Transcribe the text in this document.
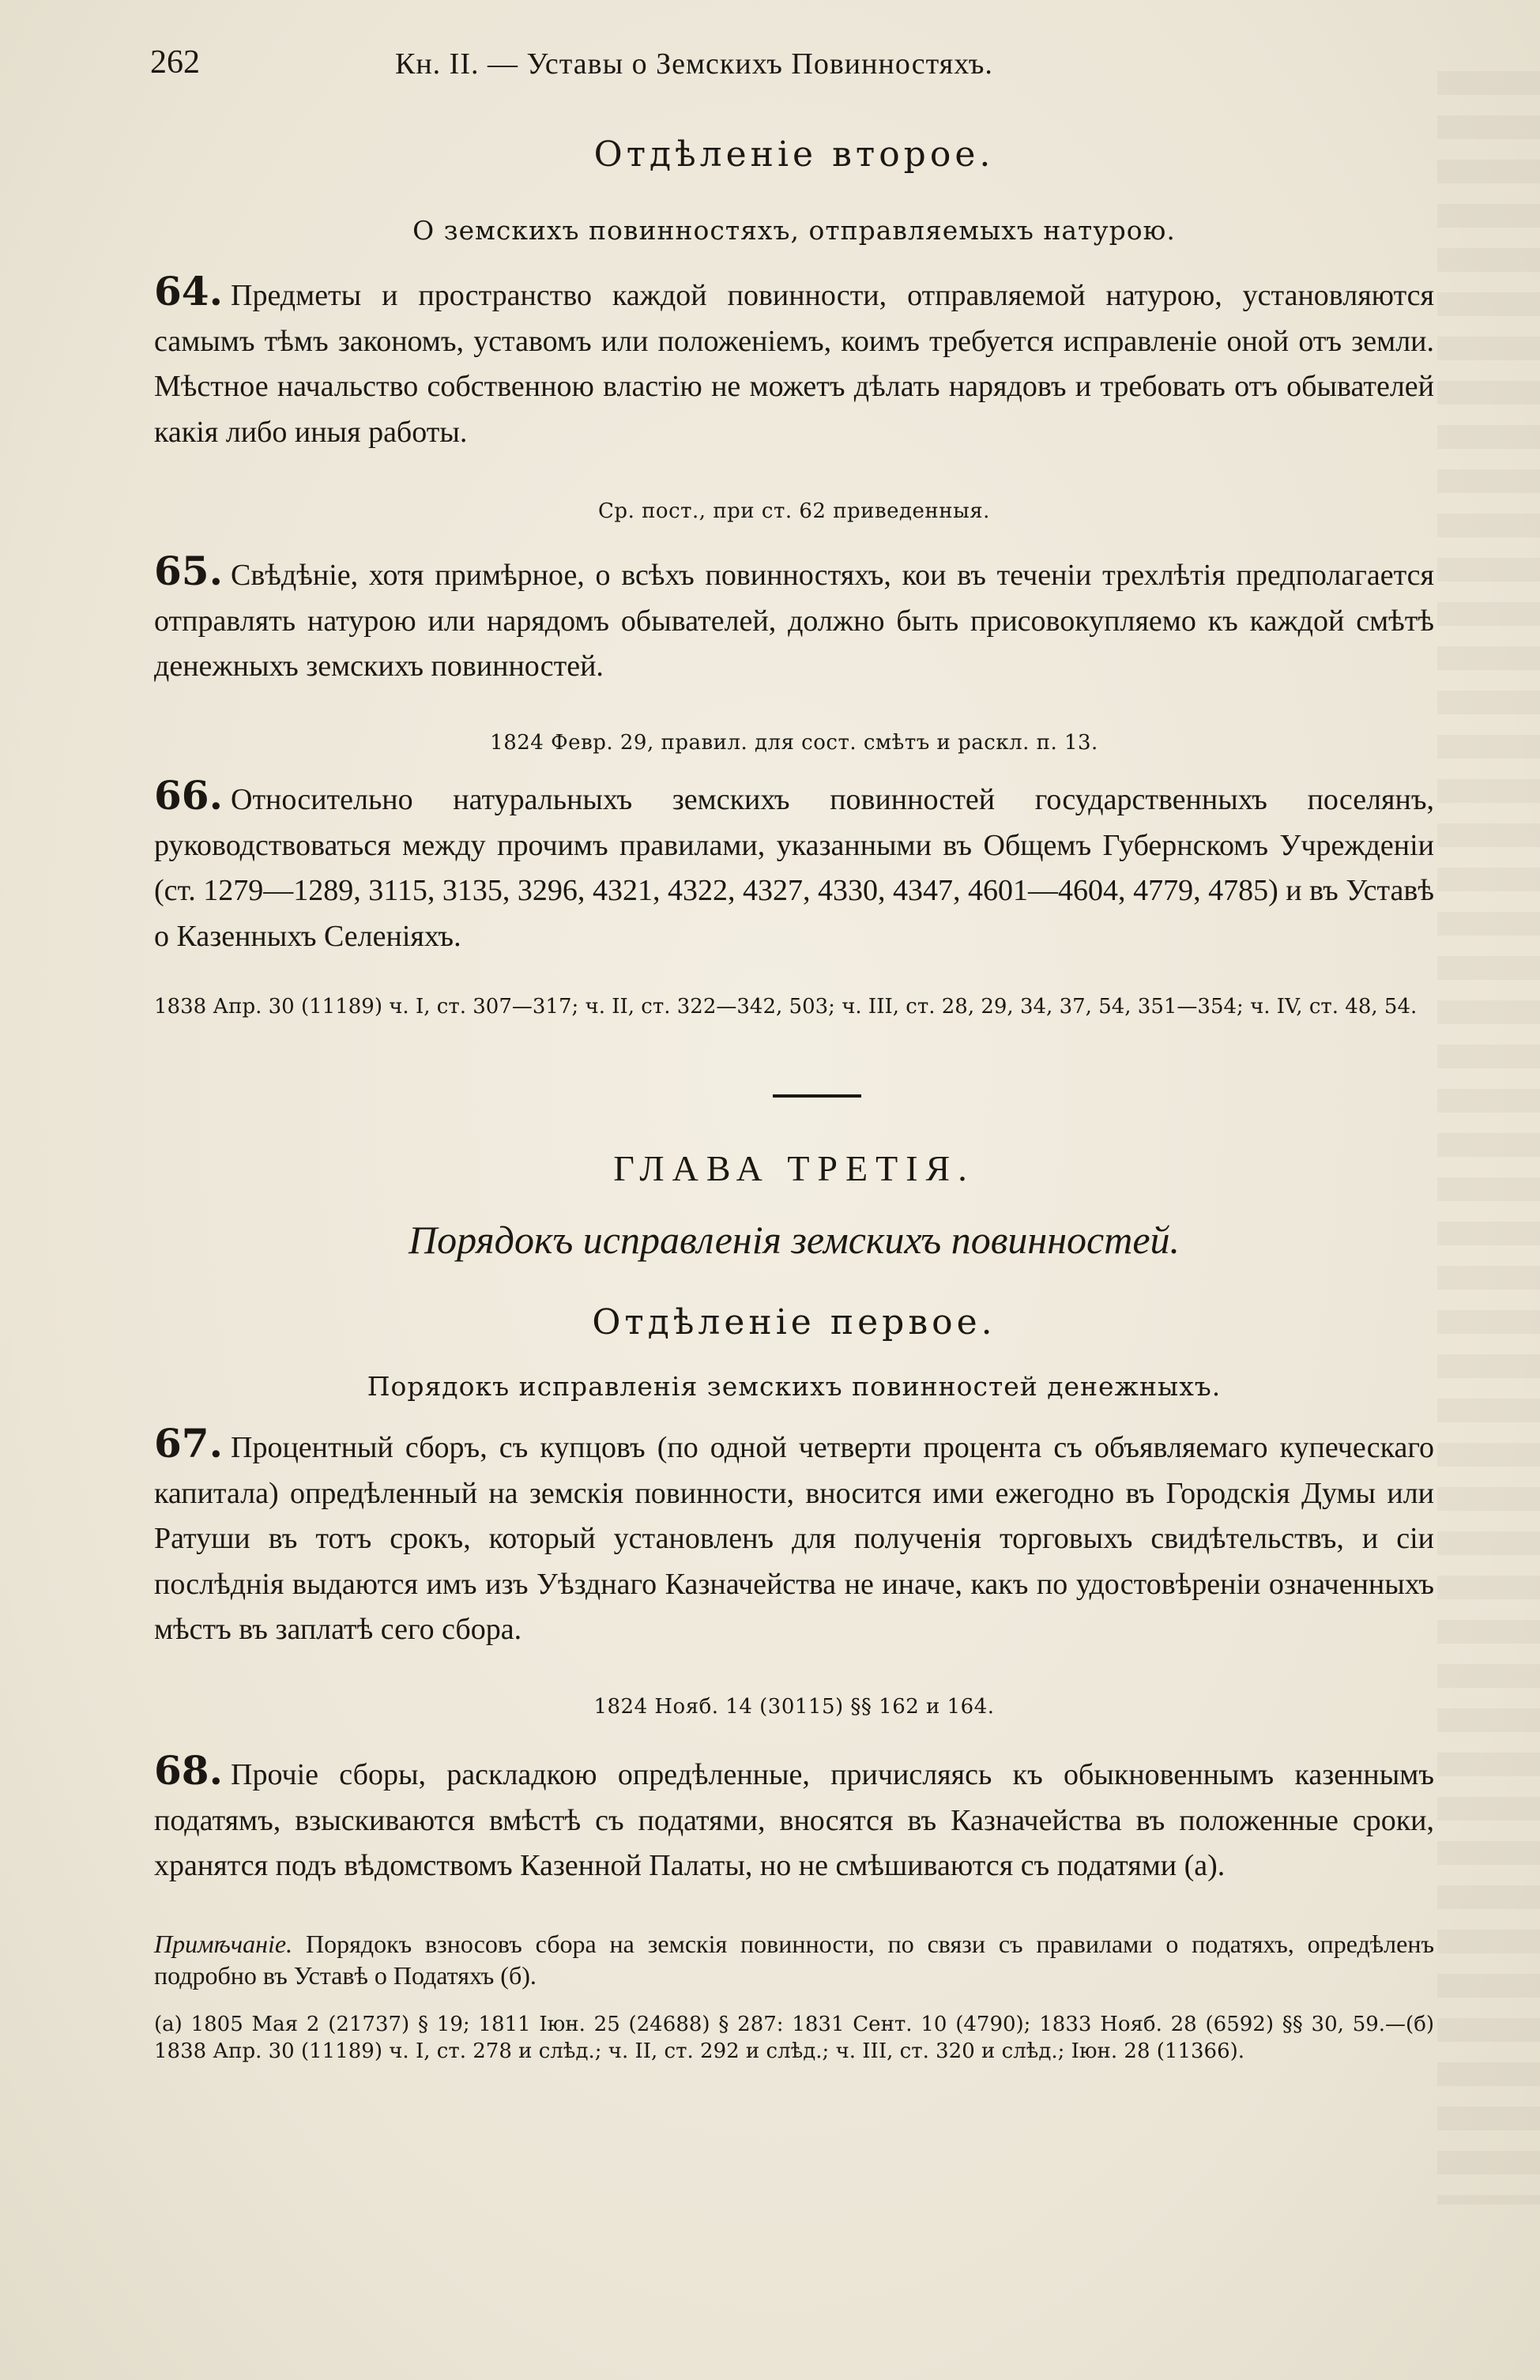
262	Кн. II. — Уставы о Земскихъ Повинностяхъ.
Отдѣленіе второе.
О земскихъ повинностяхъ, отправляемыхъ натурою.
64. Предметы и пространство каждой повинности, отправляемой натурою, установляются самымъ тѣмъ закономъ, уставомъ или положеніемъ, коимъ требуется исправленіе оной отъ земли. Мѣстное начальство собственною властію не можетъ дѣлать нарядовъ и требовать отъ обывателей какія либо иныя работы.
Ср. пост., при ст. 62 приведенныя.
65. Свѣдѣніе, хотя примѣрное, о всѣхъ повинностяхъ, кои въ теченіи трехлѣтія предполагается отправлять натурою или нарядомъ обывателей, должно быть присовокупляемо къ каждой смѣтѣ денежныхъ земскихъ повинностей.
1824 Февр. 29, правил. для сост. смѣтъ и раскл. п. 13.
66. Относительно натуральныхъ земскихъ повинностей государственныхъ поселянъ, руководствоваться между прочимъ правилами, указанными въ Общемъ Губернскомъ Учрежденіи (ст. 1279—1289, 3115, 3135, 3296, 4321, 4322, 4327, 4330, 4347, 4601—4604, 4779, 4785) и въ Уставѣ о Казенныхъ Селеніяхъ.
1838 Апр. 30 (11189) ч. I, ст. 307—317; ч. II, ст. 322—342, 503; ч. III, ст. 28, 29, 34, 37, 54, 351—354; ч. IV, ст. 48, 54.
ГЛАВА ТРЕТІЯ.
Порядокъ исправленія земскихъ повинностей.
Отдѣленіе первое.
Порядокъ исправленія земскихъ повинностей денежныхъ.
67. Процентный сборъ, съ купцовъ (по одной четверти процента съ объявляемаго купеческаго капитала) опредѣленный на земскія повинности, вносится ими ежегодно въ Городскія Думы или Ратуши въ тотъ срокъ, который установленъ для полученія торговыхъ свидѣтельствъ, и сіи послѣднія выдаются имъ изъ Уѣзднаго Казначейства не иначе, какъ по удостовѣреніи означенныхъ мѣстъ въ заплатѣ сего сбора.
1824 Нояб. 14 (30115) §§ 162 и 164.
68. Прочіе сборы, раскладкою опредѣленные, причисляясь къ обыкновеннымъ казеннымъ податямъ, взыскиваются вмѣстѣ съ податями, вносятся въ Казначейства въ положенные сроки, хранятся подъ вѣдомствомъ Казенной Палаты, но не смѣшиваются съ податями (а).
Примѣчаніе. Порядокъ взносовъ сбора на земскія повинности, по связи съ правилами о податяхъ, опредѣленъ подробно въ Уставѣ о Податяхъ (б).
(а) 1805 Мая 2 (21737) § 19; 1811 Іюн. 25 (24688) § 287: 1831 Сент. 10 (4790); 1833 Нояб. 28 (6592) §§ 30, 59.—(б) 1838 Апр. 30 (11189) ч. I, ст. 278 и слѣд.; ч. II, ст. 292 и слѣд.; ч. III, ст. 320 и слѣд.; Іюн. 28 (11366).
